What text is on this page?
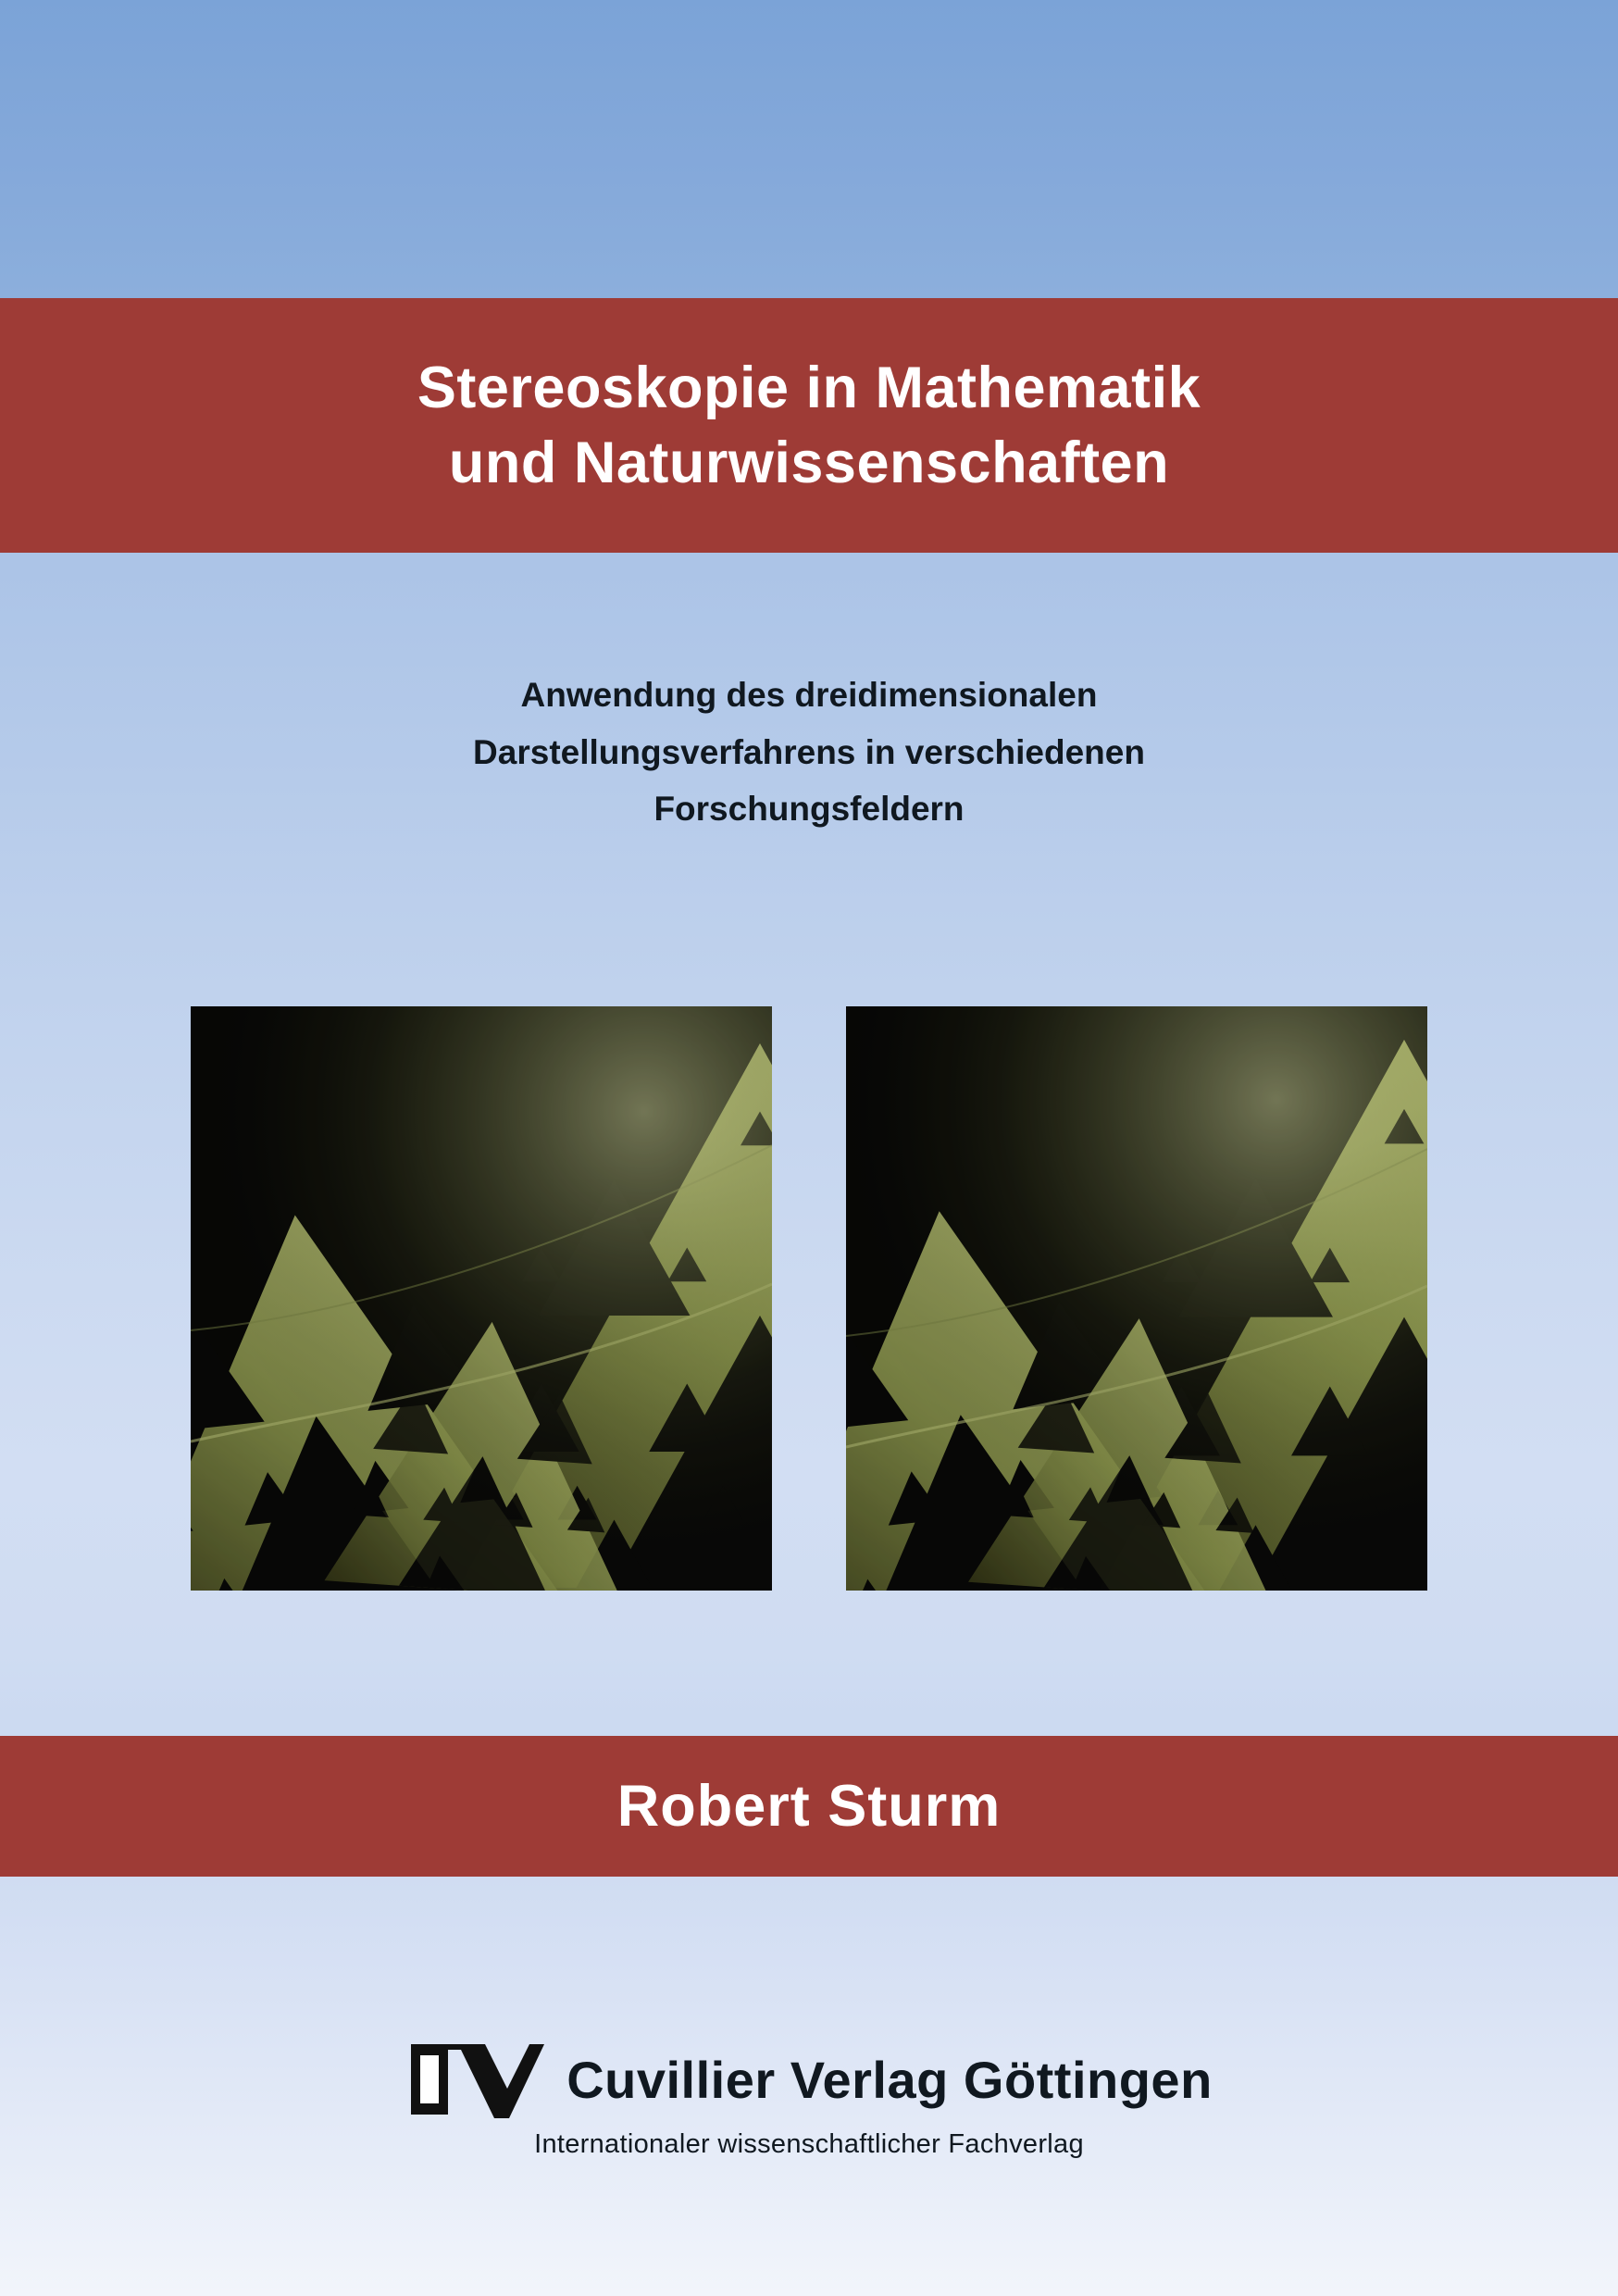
Stereoskopie in Mathematik
und Naturwissenschaften
Anwendung des dreidimensionalen
Darstellungsverfahrens in verschiedenen
Forschungsfeldern
Robert Sturm
Cuvillier Verlag Göttingen
Internationaler wissenschaftlicher Fachverlag
